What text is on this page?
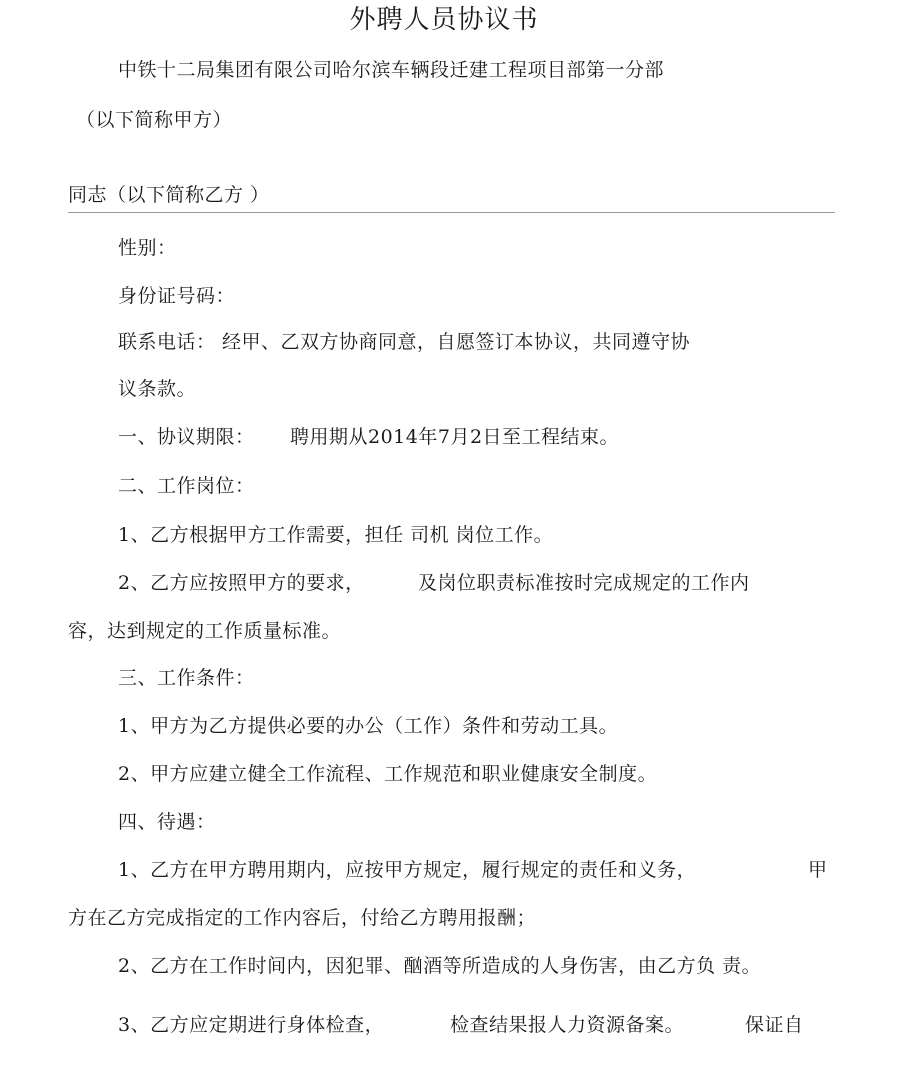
外聘人员协议书
中铁十二局集团有限公司哈尔滨车辆段迁建工程项目部第一分部
（以下简称甲方）
同志（以下简称乙方 ）
性别：
身份证号码：
联系电话： 经甲、乙双方协商同意，自愿签订本协议，共同遵守协
议条款。
一、协议期限： 聘用期从2014年7月2日至工程结束。
二、工作岗位：
1、乙方根据甲方工作需要，担任 司机 岗位工作。
2、乙方应按照甲方的要求，	及岗位职责标准按时完成规定的工作内
容，达到规定的工作质量标准。
三、工作条件：
1、甲方为乙方提供必要的办公（工作）条件和劳动工具。
2、甲方应建立健全工作流程、工作规范和职业健康安全制度。
四、待遇：
1、乙方在甲方聘用期内，应按甲方规定，履行规定的责任和义务，	甲
方在乙方完成指定的工作内容后，付给乙方聘用报酬；
2、乙方在工作时间内，因犯罪、酗酒等所造成的人身伤害，由乙方负 责。
3、乙方应定期进行身体检查，	检查结果报人力资源备案。	保证自
